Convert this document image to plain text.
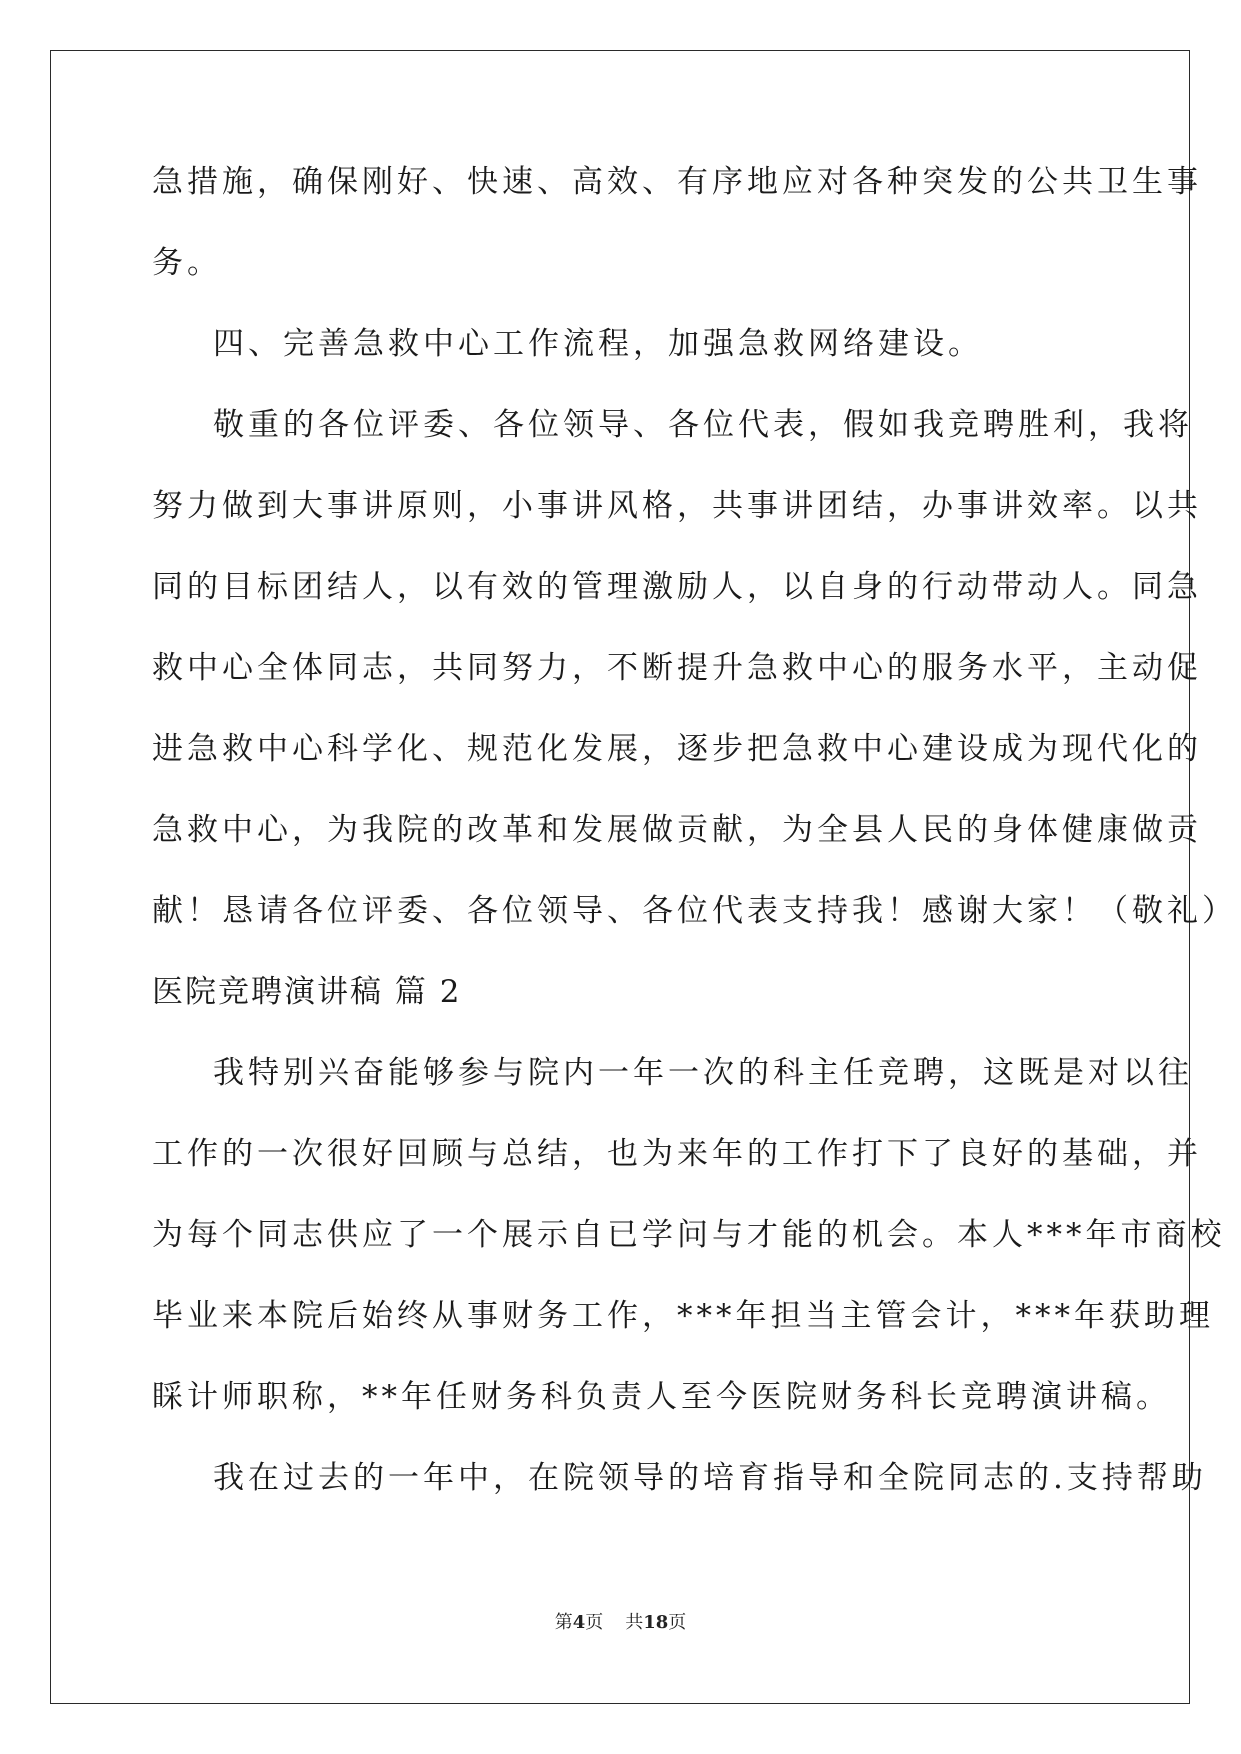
急措施，确保刚好、快速、高效、有序地应对各种突发的公共卫生事
务。
四、完善急救中心工作流程，加强急救网络建设。
敬重的各位评委、各位领导、各位代表，假如我竞聘胜利，我将
努力做到大事讲原则，小事讲风格，共事讲团结，办事讲效率。以共
同的目标团结人，以有效的管理激励人，以自身的行动带动人。同急
救中心全体同志，共同努力，不断提升急救中心的服务水平，主动促
进急救中心科学化、规范化发展，逐步把急救中心建设成为现代化的
急救中心，为我院的改革和发展做贡献，为全县人民的身体健康做贡
献！恳请各位评委、各位领导、各位代表支持我！感谢大家！（敬礼）
医院竞聘演讲稿 篇 2
我特别兴奋能够参与院内一年一次的科主任竞聘，这既是对以往
工作的一次很好回顾与总结，也为来年的工作打下了良好的基础，并
为每个同志供应了一个展示自已学问与才能的机会。本人***年市商校
毕业来本院后始终从事财务工作，***年担当主管会计，***年获助理
睬计师职称，**年任财务科负责人至今医院财务科长竞聘演讲稿。
我在过去的一年中，在院领导的培育指导和全院同志的.支持帮助
第4页 共18页
